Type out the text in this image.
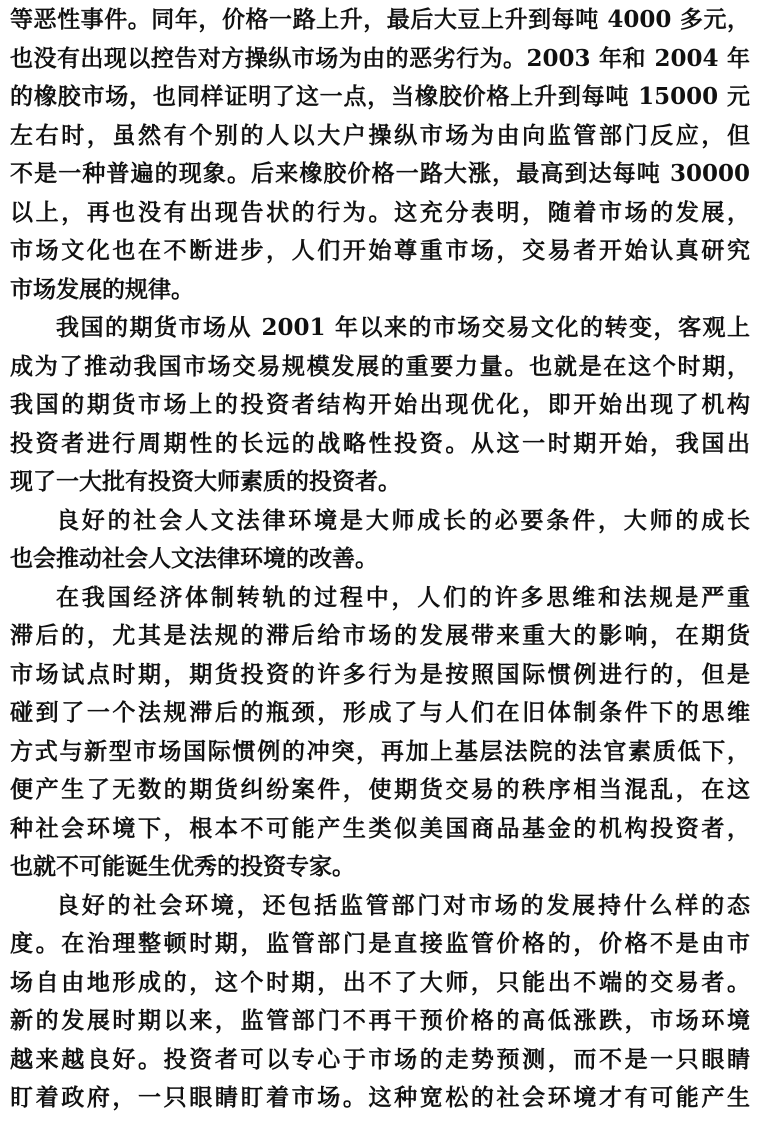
等恶性事件。同年，价格一路上升，最后大豆上升到每吨 4000 多元，
也没有出现以控告对方操纵市场为由的恶劣行为。2003 年和 2004 年
的橡胶市场，也同样证明了这一点，当橡胶价格上升到每吨 15000 元
左右时，虽然有个别的人以大户操纵市场为由向监管部门反应，但
不是一种普遍的现象。后来橡胶价格一路大涨，最高到达每吨 30000
以上，再也没有出现告状的行为。这充分表明，随着市场的发展，
市场文化也在不断进步，人们开始尊重市场，交易者开始认真研究
市场发展的规律。
我国的期货市场从 2001 年以来的市场交易文化的转变，客观上
成为了推动我国市场交易规模发展的重要力量。也就是在这个时期，
我国的期货市场上的投资者结构开始出现优化，即开始出现了机构
投资者进行周期性的长远的战略性投资。从这一时期开始，我国出
现了一大批有投资大师素质的投资者。
良好的社会人文法律环境是大师成长的必要条件，大师的成长
也会推动社会人文法律环境的改善。
在我国经济体制转轨的过程中，人们的许多思维和法规是严重
滞后的，尤其是法规的滞后给市场的发展带来重大的影响，在期货
市场试点时期，期货投资的许多行为是按照国际惯例进行的，但是
碰到了一个法规滞后的瓶颈，形成了与人们在旧体制条件下的思维
方式与新型市场国际惯例的冲突，再加上基层法院的法官素质低下，
便产生了无数的期货纠纷案件，使期货交易的秩序相当混乱，在这
种社会环境下，根本不可能产生类似美国商品基金的机构投资者，
也就不可能诞生优秀的投资专家。
良好的社会环境，还包括监管部门对市场的发展持什么样的态
度。在治理整顿时期，监管部门是直接监管价格的，价格不是由市
场自由地形成的，这个时期，出不了大师，只能出不端的交易者。
新的发展时期以来，监管部门不再干预价格的高低涨跌，市场环境
越来越良好。投资者可以专心于市场的走势预测，而不是一只眼睛
盯着政府，一只眼睛盯着市场。这种宽松的社会环境才有可能产生
